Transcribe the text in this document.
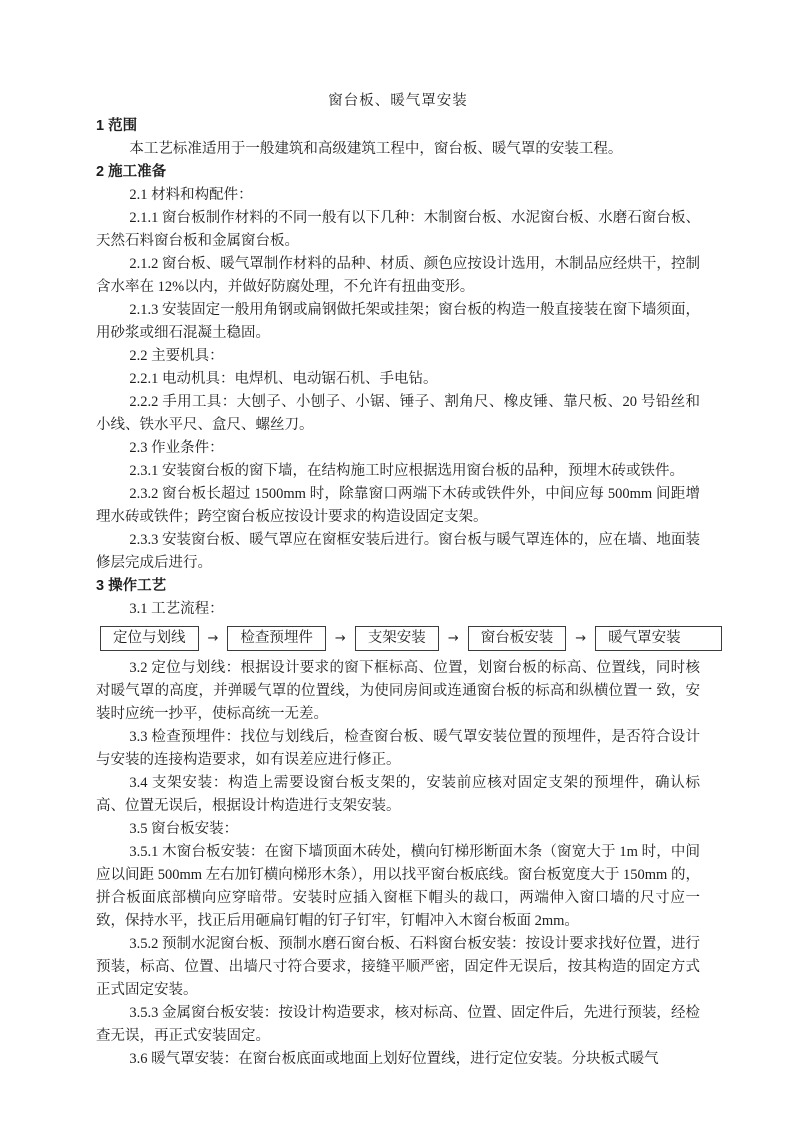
窗台板、暖气罩安装
1 范围
本工艺标准适用于一般建筑和高级建筑工程中，窗台板、暖气罩的安装工程。
2 施工准备
2.1 材料和构配件：
2.1.1 窗台板制作材料的不同一般有以下几种：木制窗台板、水泥窗台板、水磨石窗台板、天然石料窗台板和金属窗台板。
2.1.2 窗台板、暖气罩制作材料的品种、材质、颜色应按设计选用，木制品应经烘干，控制含水率在 12%以内，并做好防腐处理，不允许有扭曲变形。
2.1.3 安装固定一般用角钢或扁钢做托架或挂架；窗台板的构造一般直接装在窗下墙须面，用砂浆或细石混凝土稳固。
2.2 主要机具：
2.2.1 电动机具：电焊机、电动锯石机、手电钻。
2.2.2 手用工具：大刨子、小刨子、小锯、锤子、割角尺、橡皮锤、靠尺板、20 号铅丝和小线、铁水平尺、盒尺、螺丝刀。
2.3 作业条件：
2.3.1 安装窗台板的窗下墙，在结构施工时应根据选用窗台板的品种，预埋木砖或铁件。
2.3.2 窗台板长超过 1500mm 时，除靠窗口两端下木砖或铁件外，中间应每 500mm 间距增理水砖或铁件；跨空窗台板应按设计要求的构造设固定支架。
2.3.3 安装窗台板、暖气罩应在窗框安装后进行。窗台板与暖气罩连体的，应在墙、地面装修层完成后进行。
3 操作工艺
3.1 工艺流程：
定位与划线	→	检查预埋件	→	支架安装	→	窗台板安装	→	暖气罩安装
3.2 定位与划线：根据设计要求的窗下框标高、位置，划窗台板的标高、位置线，同时核对暖气罩的高度，并弹暖气罩的位置线，为使同房间或连通窗台板的标高和纵横位置一 致，安装时应统一抄平，使标高统一无差。
3.3 检查预埋件：找位与划线后，检查窗台板、暖气罩安装位置的预埋件，是否符合设计与安装的连接构造要求，如有误差应进行修正。
3.4 支架安装：构造上需要设窗台板支架的，安装前应核对固定支架的预埋件，确认标高、位置无误后，根据设计构造进行支架安装。
3.5 窗台板安装：
3.5.1 木窗台板安装：在窗下墙顶面木砖处，横向钉梯形断面木条（窗宽大于 1m 时，中间应以间距 500mm 左右加钉横向梯形木条），用以找平窗台板底线。窗台板宽度大于 150mm 的，拼合板面底部横向应穿暗带。安装时应插入窗框下帽头的裁口，两端伸入窗口墙的尺寸应一致，保持水平，找正后用砸扁钉帽的钉子钉牢，钉帽冲入木窗台板面 2mm。
3.5.2 预制水泥窗台板、预制水磨石窗台板、石料窗台板安装：按设计要求找好位置，进行预装，标高、位置、出墙尺寸符合要求，接缝平顺严密，固定件无误后，按其构造的固定方式正式固定安装。
3.5.3 金属窗台板安装：按设计构造要求，核对标高、位置、固定件后，先进行预装，经检查无误，再正式安装固定。
3.6 暖气罩安装：在窗台板底面或地面上划好位置线，进行定位安装。分块板式暖气
